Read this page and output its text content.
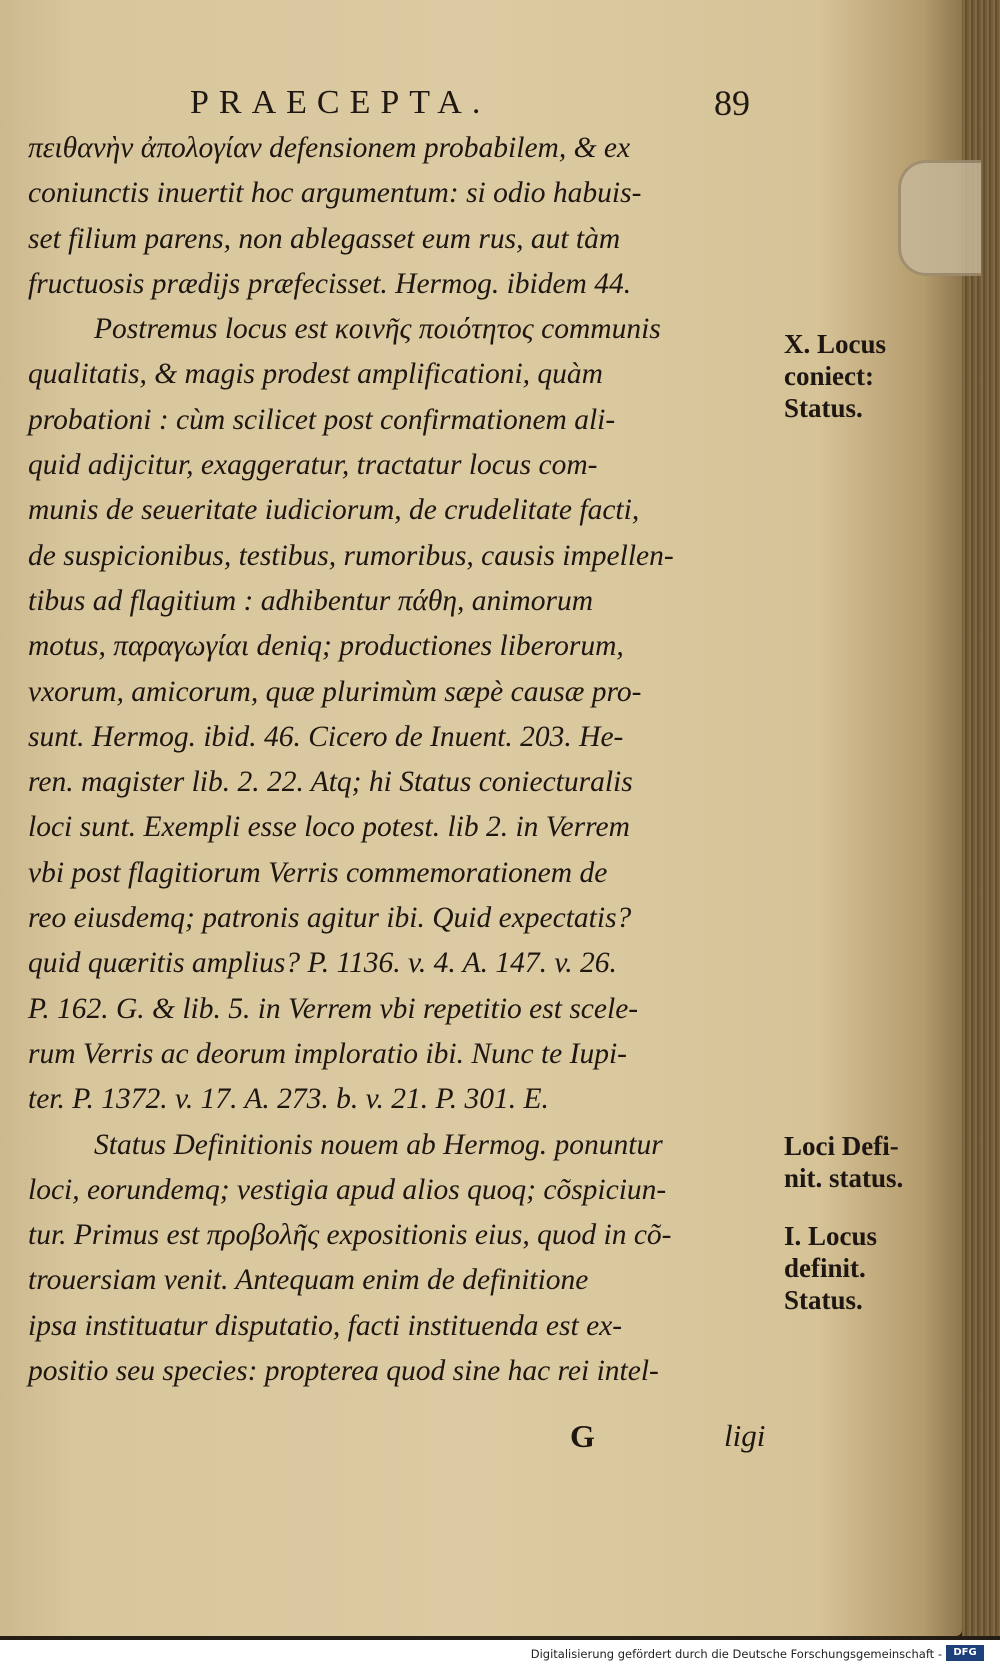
PRAECEPTA.	89
πειθανὴν ἀπολογίαν defensionem probabilem, & ex
coniunctis inuertit hoc argumentum: si odio habuis-
set filium parens, non ablegasset eum rus, aut tàm
fructuosis prædijs præfecisset. Hermog. ibidem 44.
Postremus locus est κοινῆς ποιότητος communis
qualitatis, & magis prodest amplificationi, quàm
probationi : cùm scilicet post confirmationem ali-
quid adijcitur, exaggeratur, tractatur locus com-
munis de seueritate iudiciorum, de crudelitate facti,
de suspicionibus, testibus, rumoribus, causis impellen-
tibus ad flagitium : adhibentur πάθη, animorum
motus, παραγωγίαι deniq; productiones liberorum,
vxorum, amicorum, quæ plurimùm sæpè causæ pro-
sunt. Hermog. ibid. 46. Cicero de Inuent. 203. He-
ren. magister lib. 2. 22. Atq; hi Status coniecturalis
loci sunt. Exempli esse loco potest. lib 2. in Verrem
vbi post flagitiorum Verris commemorationem de
reo eiusdemq; patronis agitur ibi. Quid expectatis?
quid quæritis amplius? P. 1136. v. 4. A. 147. v. 26.
P. 162. G. & lib. 5. in Verrem vbi repetitio est scele-
rum Verris ac deorum imploratio ibi. Nunc te Iupi-
ter. P. 1372. v. 17. A. 273. b. v. 21. P. 301. E.
Status Definitionis nouem ab Hermog. ponuntur
loci, eorundemq; vestigia apud alios quoq; cõspiciun-
tur. Primus est προβολῆς expositionis eius, quod in cõ-
trouersiam venit. Antequam enim de definitione
ipsa instituatur disputatio, facti instituenda est ex-
positio seu species: propterea quod sine hac rei intel-
X. Locus
coniect:
Status.
Loci Defi-
nit. status.
I. Locus
definit.
Status.
G	ligi
Digitalisierung gefördert durch die Deutsche Forschungsgemeinschaft -	DFG
